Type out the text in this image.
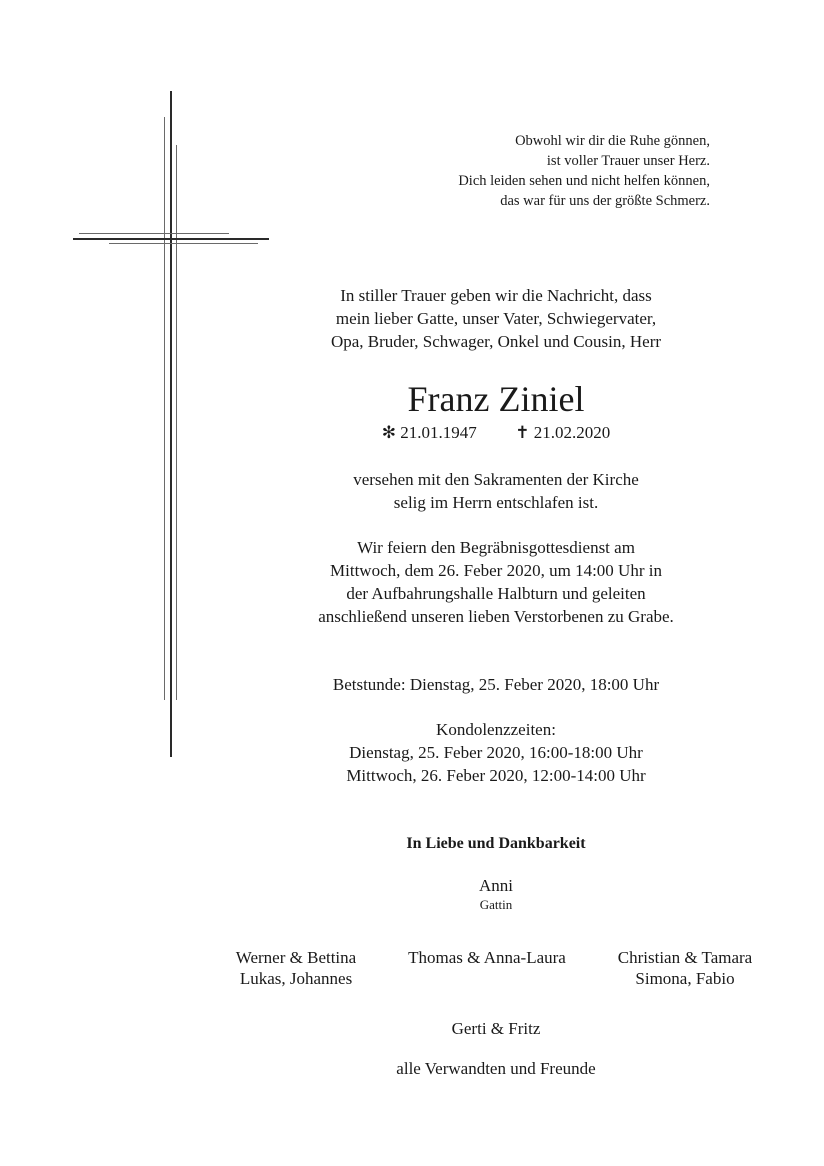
Obwohl wir dir die Ruhe gönnen,
ist voller Trauer unser Herz.
Dich leiden sehen und nicht helfen können,
das war für uns der größte Schmerz.
In stiller Trauer geben wir die Nachricht, dass
mein lieber Gatte, unser Vater, Schwiegervater,
Opa, Bruder, Schwager, Onkel und Cousin, Herr
Franz Ziniel
✻ 21.01.1947 ✝ 21.02.2020
versehen mit den Sakramenten der Kirche
selig im Herrn entschlafen ist.
Wir feiern den Begräbnisgottesdienst am
Mittwoch, dem 26. Feber 2020, um 14:00 Uhr in
der Aufbahrungshalle Halbturn und geleiten
anschließend unseren lieben Verstorbenen zu Grabe.
Betstunde: Dienstag, 25. Feber 2020, 18:00 Uhr
Kondolenzzeiten:
Dienstag, 25. Feber 2020, 16:00-18:00 Uhr
Mittwoch, 26. Feber 2020, 12:00-14:00 Uhr
In Liebe und Dankbarkeit
Anni
Gattin
Werner & Bettina
Lukas, Johannes
Thomas & Anna-Laura	Christian & Tamara
Simona, Fabio
Gerti & Fritz
alle Verwandten und Freunde
